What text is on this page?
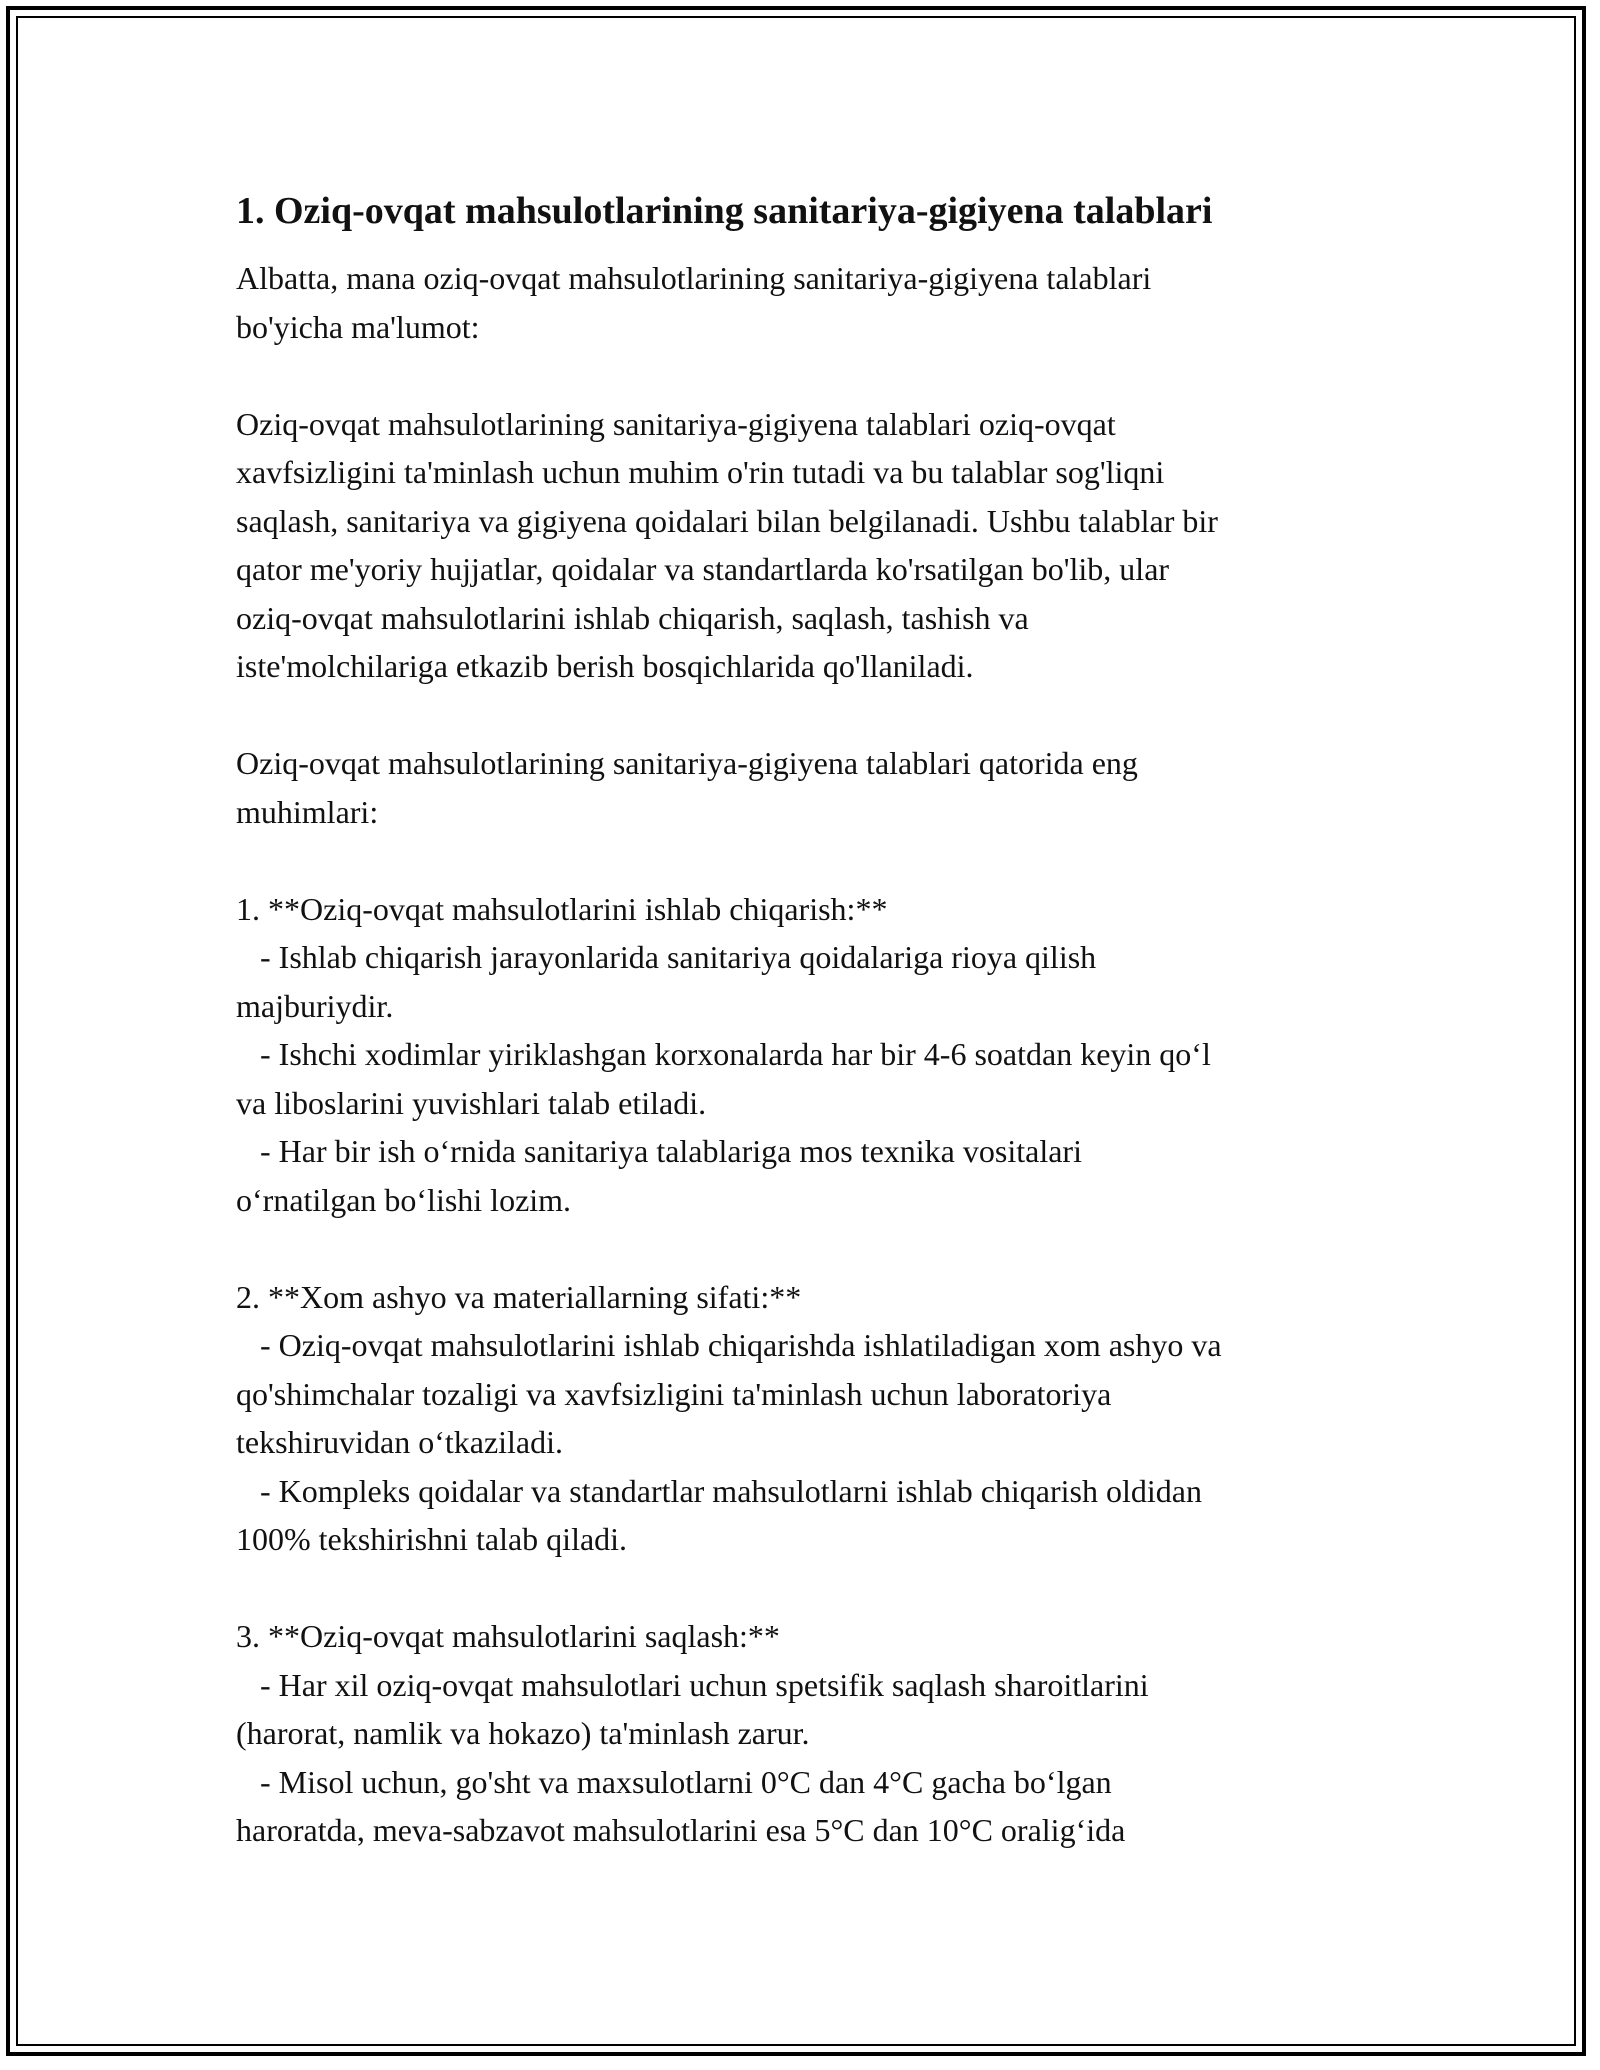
1. Oziq-ovqat mahsulotlarining sanitariya-gigiyena talablari

Albatta, mana oziq-ovqat mahsulotlarining sanitariya-gigiyena talablari
bo'yicha ma'lumot:

Oziq-ovqat mahsulotlarining sanitariya-gigiyena talablari oziq-ovqat
xavfsizligini ta'minlash uchun muhim o'rin tutadi va bu talablar sog'liqni
saqlash, sanitariya va gigiyena qoidalari bilan belgilanadi. Ushbu talablar bir
qator me'yoriy hujjatlar, qoidalar va standartlarda ko'rsatilgan bo'lib, ular
oziq-ovqat mahsulotlarini ishlab chiqarish, saqlash, tashish va
iste'molchilariga etkazib berish bosqichlarida qo'llaniladi.

Oziq-ovqat mahsulotlarining sanitariya-gigiyena talablari qatorida eng
muhimlari:

1. **Oziq-ovqat mahsulotlarini ishlab chiqarish:**
- Ishlab chiqarish jarayonlarida sanitariya qoidalariga rioya qilish
majburiydir.
- Ishchi xodimlar yiriklashgan korxonalarda har bir 4-6 soatdan keyin qo‘l
va liboslarini yuvishlari talab etiladi.
- Har bir ish o‘rnida sanitariya talablariga mos texnika vositalari
o‘rnatilgan bo‘lishi lozim.

2. **Xom ashyo va materiallarning sifati:**
- Oziq-ovqat mahsulotlarini ishlab chiqarishda ishlatiladigan xom ashyo va
qo'shimchalar tozaligi va xavfsizligini ta'minlash uchun laboratoriya
tekshiruvidan o‘tkaziladi.
- Kompleks qoidalar va standartlar mahsulotlarni ishlab chiqarish oldidan
100% tekshirishni talab qiladi.

3. **Oziq-ovqat mahsulotlarini saqlash:**
- Har xil oziq-ovqat mahsulotlari uchun spetsifik saqlash sharoitlarini
(harorat, namlik va hokazo) ta'minlash zarur.
- Misol uchun, go'sht va maxsulotlarni 0°C dan 4°C gacha bo‘lgan
haroratda, meva-sabzavot mahsulotlarini esa 5°C dan 10°C oralig‘ida
